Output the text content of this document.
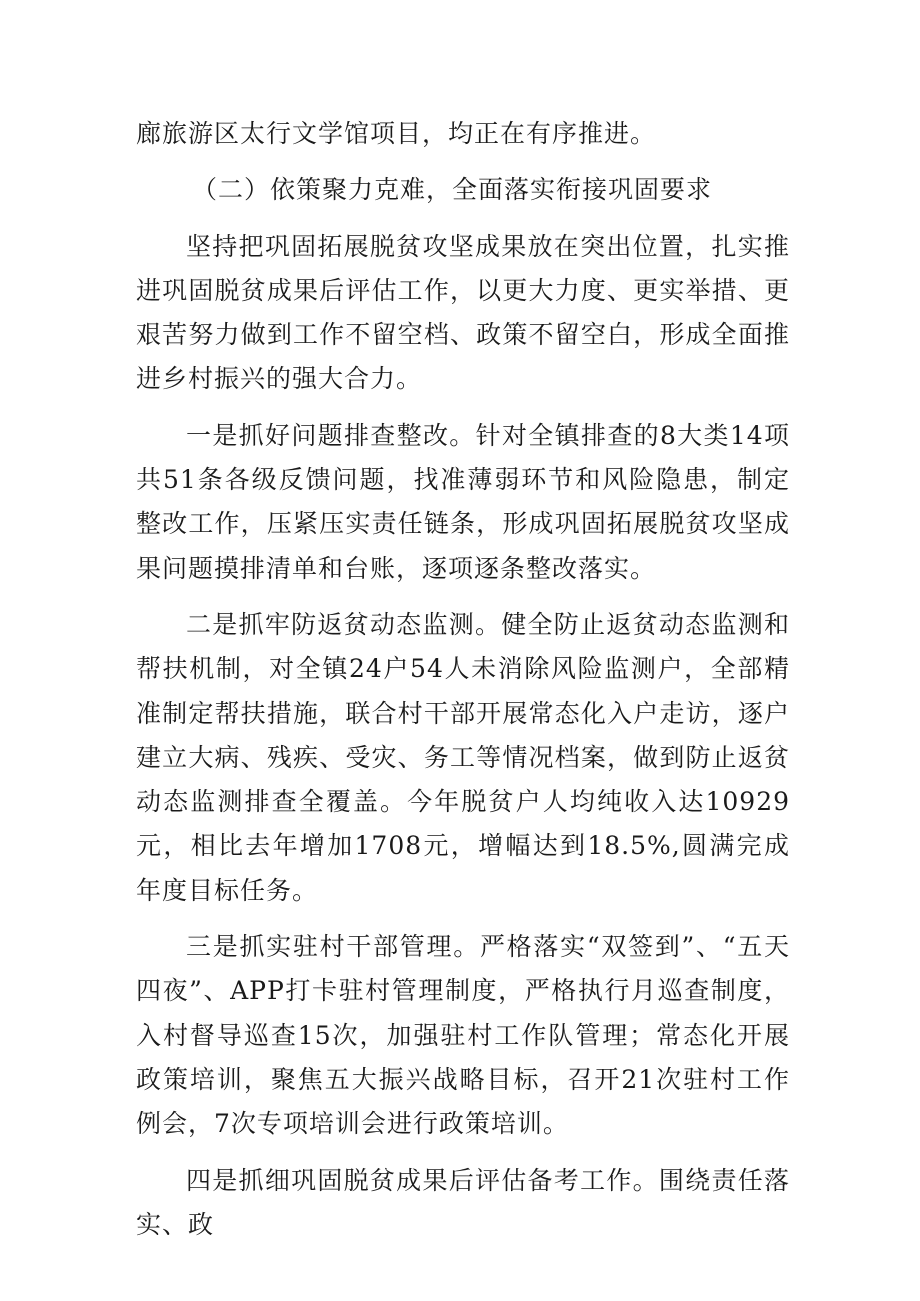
廊旅游区太行文学馆项目，均正在有序推进。

（二）依策聚力克难，全面落实衔接巩固要求

坚持把巩固拓展脱贫攻坚成果放在突出位置，扎实推进巩固脱贫成果后评估工作，以更大力度、更实举措、更艰苦努力做到工作不留空档、政策不留空白，形成全面推进乡村振兴的强大合力。

一是抓好问题排查整改。针对全镇排查的8大类14项共51条各级反馈问题，找准薄弱环节和风险隐患，制定整改工作，压紧压实责任链条，形成巩固拓展脱贫攻坚成果问题摸排清单和台账，逐项逐条整改落实。

二是抓牢防返贫动态监测。健全防止返贫动态监测和帮扶机制，对全镇24户54人未消除风险监测户，全部精准制定帮扶措施，联合村干部开展常态化入户走访，逐户建立大病、残疾、受灾、务工等情况档案，做到防止返贫动态监测排查全覆盖。今年脱贫户人均纯收入达10929元，相比去年增加1708元，增幅达到18.5%,圆满完成年度目标任务。

三是抓实驻村干部管理。严格落实“双签到”、“五天四夜”、APP打卡驻村管理制度，严格执行月巡查制度，入村督导巡查15次，加强驻村工作队管理；常态化开展政策培训，聚焦五大振兴战略目标，召开21次驻村工作例会，7次专项培训会进行政策培训。

四是抓细巩固脱贫成果后评估备考工作。围绕责任落实、政
